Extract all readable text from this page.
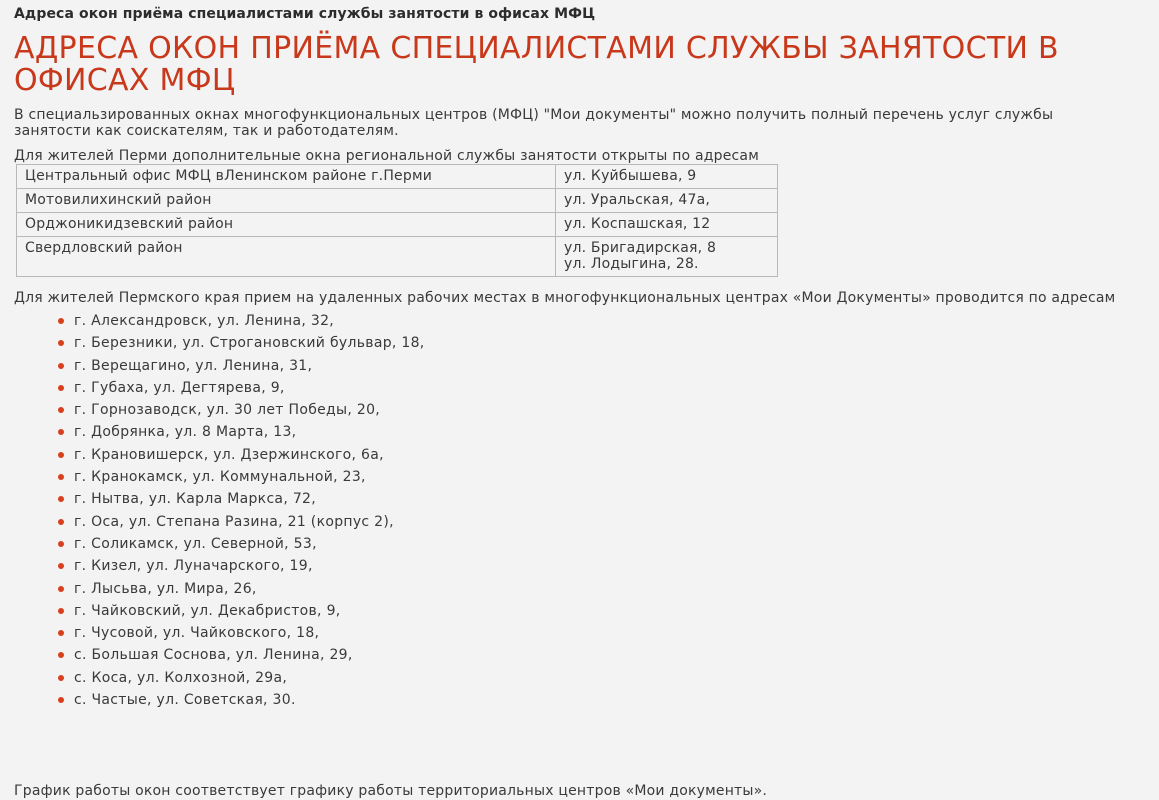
Адреса окон приёма специалистами службы занятости в офисах МФЦ
АДРЕСА ОКОН ПРИЁМА СПЕЦИАЛИСТАМИ СЛУЖБЫ ЗАНЯТОСТИ В ОФИСАХ МФЦ

В специальзированных окнах многофункциональных центров (МФЦ) "Мои документы" можно получить полный перечень услуг службы занятости как соискателям, так и работодателям.

Для жителей Перми дополнительные окна региональной службы занятости открыты по адресам

Центральный офис МФЦ вЛенинском районе г.Перми	ул. Куйбышева, 9
Мотовилихинский район	ул. Уральская, 47а,
Орджоникидзевский район	ул. Коспашская, 12
Свердловский район	ул. Бригадирская, 8
ул. Лодыгина, 28.

Для жителей Пермского края прием на удаленных рабочих местах в многофункциональных центрах «Мои Документы» проводится по адресам

г. Александровск, ул. Ленина, 32,
г. Березники, ул. Строгановский бульвар, 18,
г. Верещагино, ул. Ленина, 31,
г. Губаха, ул. Дегтярева, 9,
г. Горнозаводск, ул. 30 лет Победы, 20,
г. Добрянка, ул. 8 Марта, 13,
г. Крановишерск, ул. Дзержинского, 6а,
г. Кранокамск, ул. Коммунальной, 23,
г. Нытва, ул. Карла Маркса, 72,
г. Оса, ул. Степана Разина, 21 (корпус 2),
г. Соликамск, ул. Северной, 53,
г. Кизел, ул. Луначарского, 19,
г. Лысьва, ул. Мира, 26,
г. Чайковский, ул. Декабристов, 9,
г. Чусовой, ул. Чайковского, 18,
с. Большая Соснова, ул. Ленина, 29,
с. Коса, ул. Колхозной, 29а,
с. Частые, ул. Советская, 30.

График работы окон соответствует графику работы территориальных центров «Мои документы».
